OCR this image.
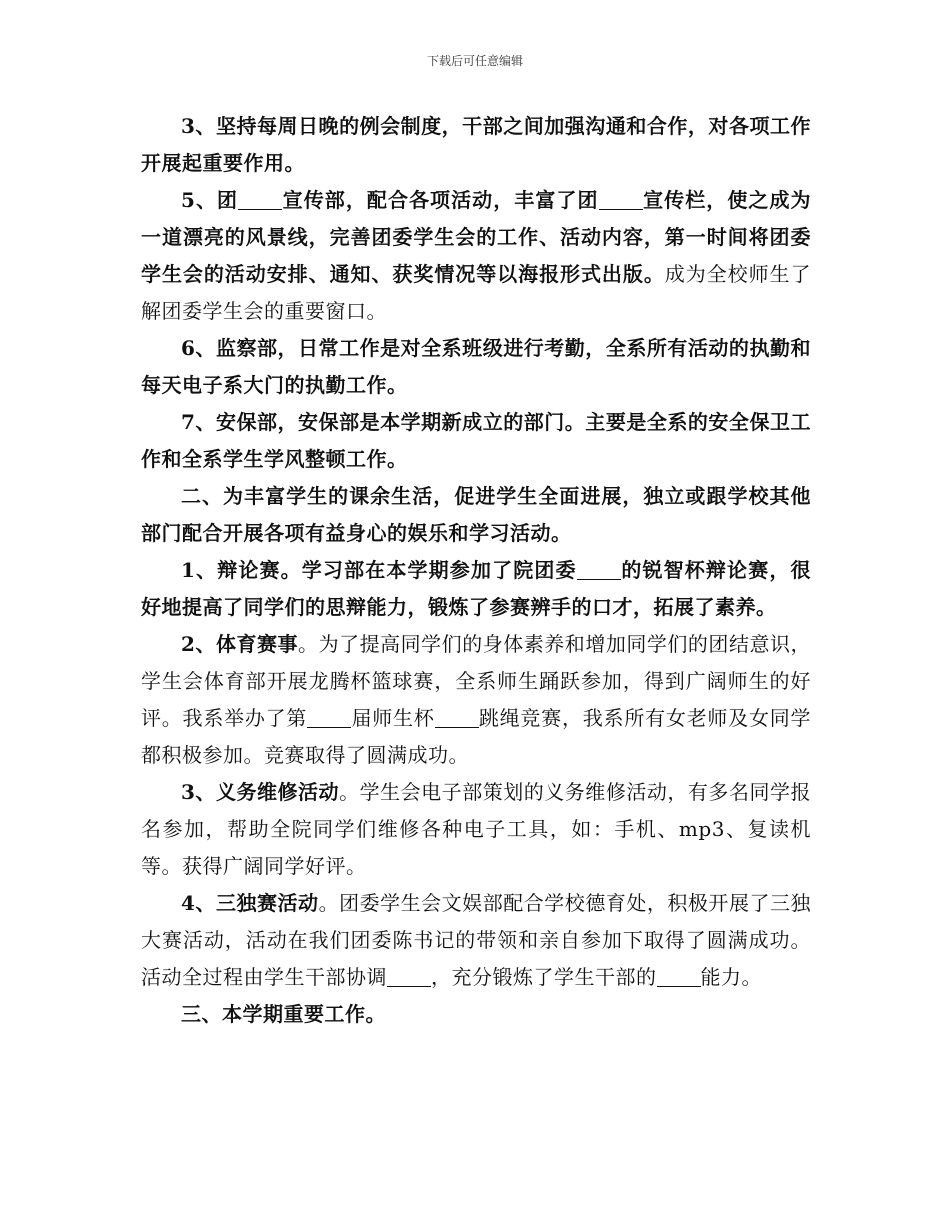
下载后可任意编辑

3、坚持每周日晚的例会制度，干部之间加强沟通和合作，对各项工作开展起重要作用。

5、团 宣传部，配合各项活动，丰富了团 宣传栏，使之成为一道漂亮的风景线，完善团委学生会的工作、活动内容，第一时间将团委学生会的活动安排、通知、获奖情况等以海报形式出版。成为全校师生了解团委学生会的重要窗口。

6、监察部，日常工作是对全系班级进行考勤，全系所有活动的执勤和每天电子系大门的执勤工作。

7、安保部，安保部是本学期新成立的部门。主要是全系的安全保卫工作和全系学生学风整顿工作。

二、为丰富学生的课余生活，促进学生全面进展，独立或跟学校其他部门配合开展各项有益身心的娱乐和学习活动。

1、辩论赛。学习部在本学期参加了院团委 的锐智杯辩论赛，很好地提高了同学们的思辩能力，锻炼了参赛辨手的口才，拓展了素养。

2、体育赛事。为了提高同学们的身体素养和增加同学们的团结意识，学生会体育部开展龙腾杯篮球赛，全系师生踊跃参加，得到广阔师生的好评。我系举办了第 届师生杯 跳绳竞赛，我系所有女老师及女同学都积极参加。竞赛取得了圆满成功。

3、义务维修活动。学生会电子部策划的义务维修活动，有多名同学报名参加，帮助全院同学们维修各种电子工具，如：手机、mp3、复读机等。获得广阔同学好评。

4、三独赛活动。团委学生会文娱部配合学校德育处，积极开展了三独大赛活动，活动在我们团委陈书记的带领和亲自参加下取得了圆满成功。活动全过程由学生干部协调 ，充分锻炼了学生干部的 能力。

三、本学期重要工作。
